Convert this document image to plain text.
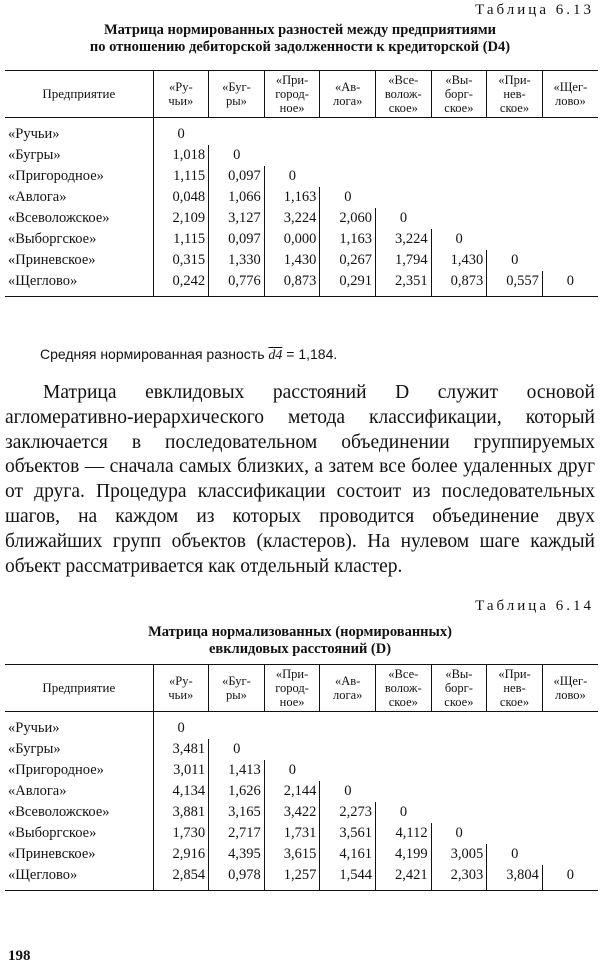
Таблица 6.13
Матрица нормированных разностей между предприятиями
по отношению дебиторской задолженности к кредиторской (D4)
Предприятие	«Ру-
чьи»	«Буг-
ры»	«При-
город-
ное»	«Ав-
лога»	«Все-
волож-
ское»	«Вы-
борг-
ское»	«При-
нев-
ское»	«Щег-
лово»
«Ручьи»	0							
«Бугры»	1,018	0						
«Пригородное»	1,115	0,097	0					
«Авлога»	0,048	1,066	1,163	0				
«Всеволожское»	2,109	3,127	3,224	2,060	0			
«Выборгское»	1,115	0,097	0,000	1,163	3,224	0		
«Приневское»	0,315	1,330	1,430	0,267	1,794	1,430	0	
«Щеглово»	0,242	0,776	0,873	0,291	2,351	0,873	0,557	0
Средняя нормированная разность d4 = 1,184.
Матрица евклидовых расстояний D служит основой агломеративно-иерархического метода классификации, который заключается в последовательном объединении группируемых объектов — сначала самых близких, а затем все более удаленных друг от друга. Процедура классификации состоит из последовательных шагов, на каждом из которых проводится объединение двух ближайших групп объектов (кластеров). На нулевом шаге каждый объект рассматривается как отдельный кластер.
Таблица 6.14
Матрица нормализованных (нормированных)
евклидовых расстояний (D)
Предприятие	«Ру-
чьи»	«Буг-
ры»	«При-
город-
ное»	«Ав-
лога»	«Все-
волож-
ское»	«Вы-
борг-
ское»	«При-
нев-
ское»	«Щег-
лово»
«Ручьи»	0							
«Бугры»	3,481	0						
«Пригородное»	3,011	1,413	0					
«Авлога»	4,134	1,626	2,144	0				
«Всеволожское»	3,881	3,165	3,422	2,273	0			
«Выборгское»	1,730	2,717	1,731	3,561	4,112	0		
«Приневское»	2,916	4,395	3,615	4,161	4,199	3,005	0	
«Щеглово»	2,854	0,978	1,257	1,544	2,421	2,303	3,804	0
198
